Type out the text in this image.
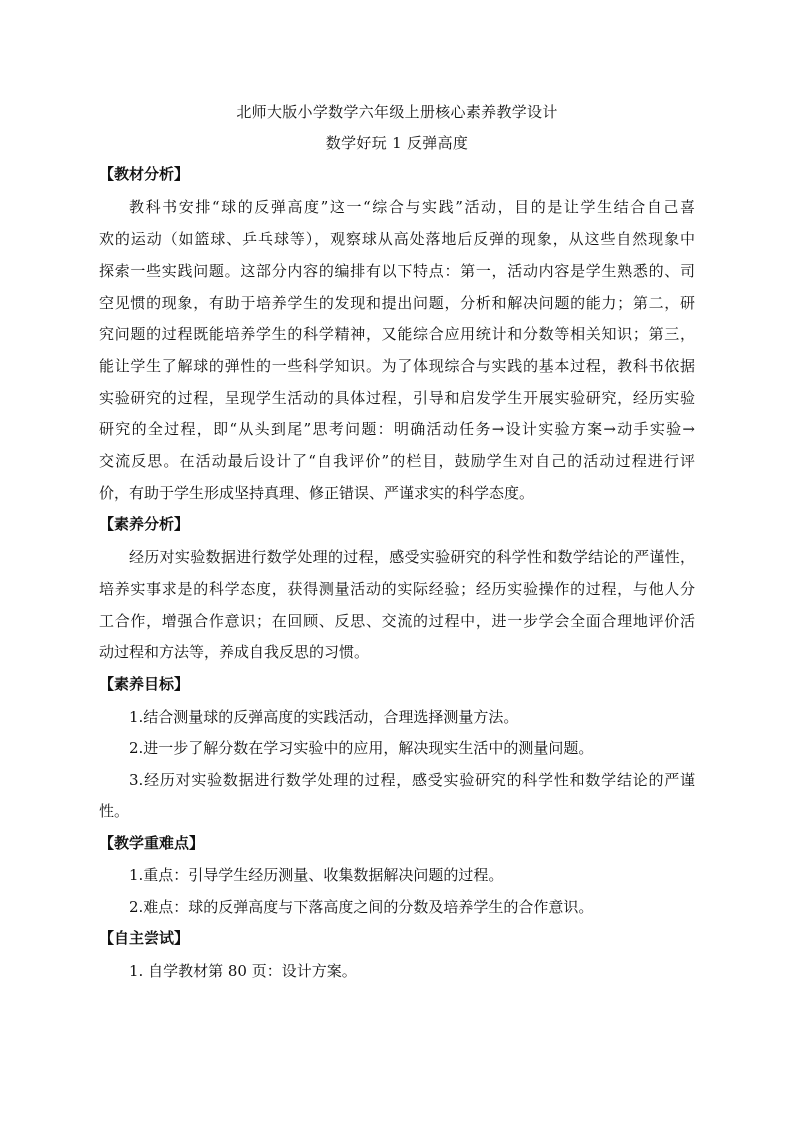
北师大版小学数学六年级上册核心素养教学设计
数学好玩 1 反弹高度
【教材分析】
教科书安排“球的反弹高度”这一“综合与实践”活动，目的是让学生结合自己喜
欢的运动（如篮球、乒乓球等），观察球从高处落地后反弹的现象，从这些自然现象中
探索一些实践问题。这部分内容的编排有以下特点：第一，活动内容是学生熟悉的、司
空见惯的现象，有助于培养学生的发现和提出问题，分析和解决问题的能力；第二，研
究问题的过程既能培养学生的科学精神，又能综合应用统计和分数等相关知识；第三，
能让学生了解球的弹性的一些科学知识。为了体现综合与实践的基本过程，教科书依据
实验研究的过程，呈现学生活动的具体过程，引导和启发学生开展实验研究，经历实验
研究的全过程，即“从头到尾”思考问题：明确活动任务→设计实验方案→动手实验→
交流反思。在活动最后设计了“自我评价”的栏目，鼓励学生对自己的活动过程进行评
价，有助于学生形成坚持真理、修正错误、严谨求实的科学态度。
【素养分析】
经历对实验数据进行数学处理的过程，感受实验研究的科学性和数学结论的严谨性，
培养实事求是的科学态度，获得测量活动的实际经验；经历实验操作的过程，与他人分
工合作，增强合作意识；在回顾、反思、交流的过程中，进一步学会全面合理地评价活
动过程和方法等，养成自我反思的习惯。
【素养目标】
1.结合测量球的反弹高度的实践活动，合理选择测量方法。
2.进一步了解分数在学习实验中的应用，解决现实生活中的测量问题。
3.经历对实验数据进行数学处理的过程，感受实验研究的科学性和数学结论的严谨
性。
【教学重难点】
1.重点：引导学生经历测量、收集数据解决问题的过程。
2.难点：球的反弹高度与下落高度之间的分数及培养学生的合作意识。
【自主尝试】
1. 自学教材第 80 页：设计方案。
